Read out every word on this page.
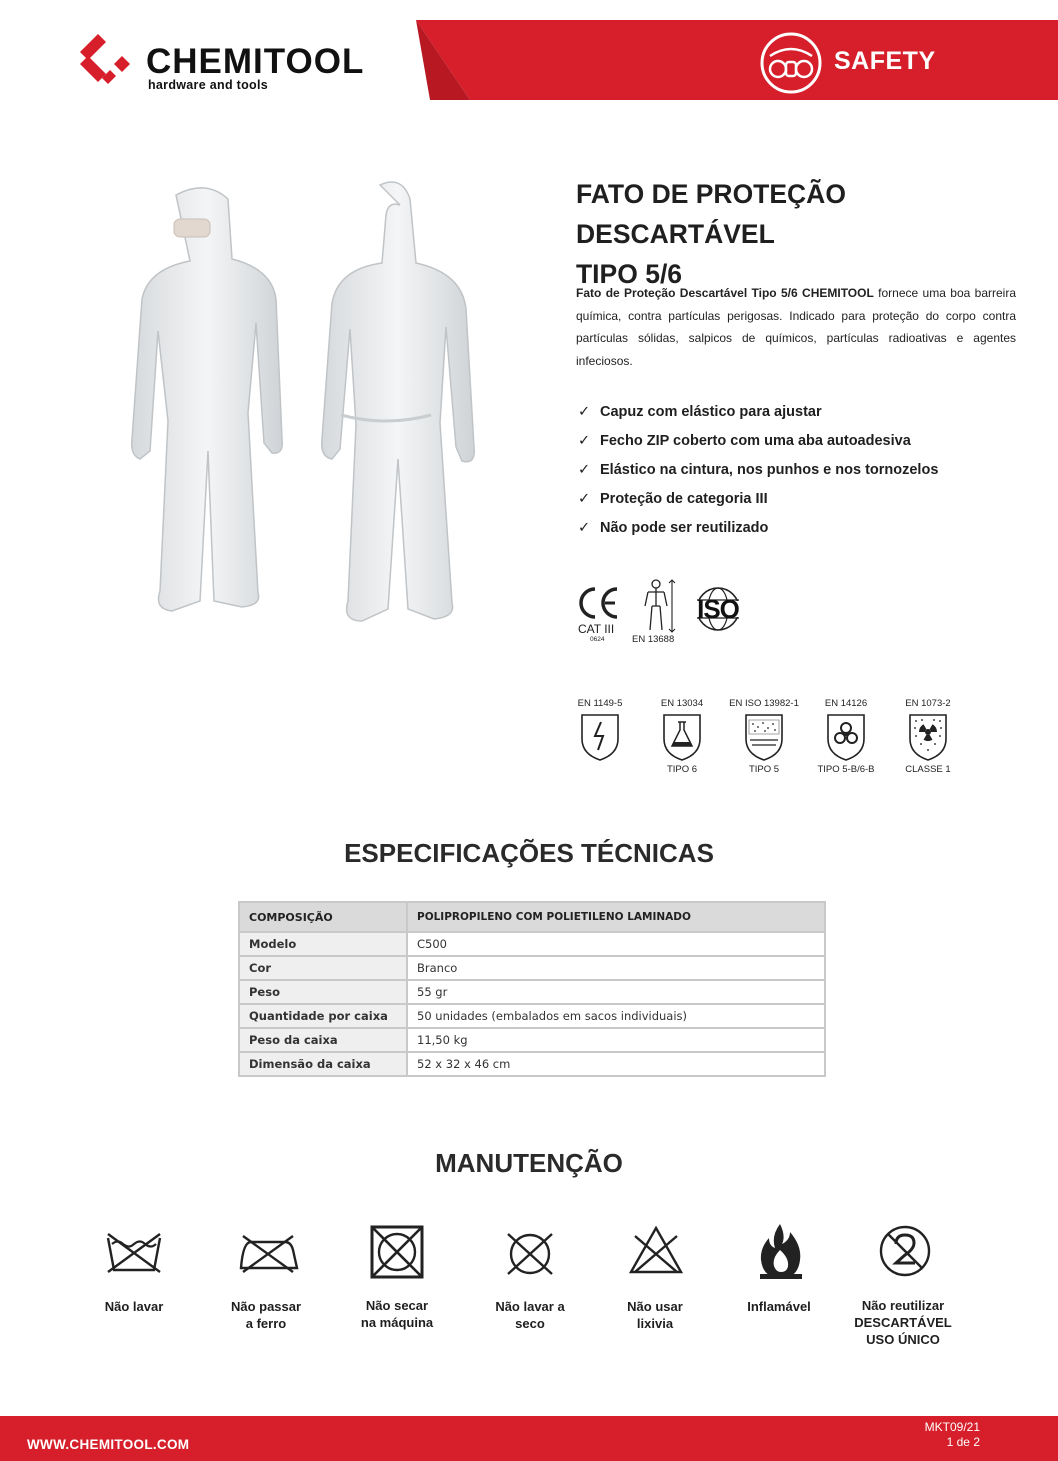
SAFETY
CHEMITOOL
hardware and tools
FATO DE PROTEÇÃO DESCARTÁVEL
TIPO 5/6
Fato de Proteção Descartável Tipo 5/6 CHEMITOOL fornece uma boa barreira química, contra partículas perigosas. Indicado para proteção do corpo contra partículas sólidas, salpicos de químicos, partículas radioativas e agentes infeciosos.
✓ Capuz com elástico para ajustar
✓ Fecho ZIP coberto com uma aba autoadesiva
✓ Elástico na cintura, nos punhos e nos tornozelos
✓ Proteção de categoria III
✓ Não pode ser reutilizado
CAT III
0624	EN 13688
ISO
EN 1149-5	EN 13034
TIPO 6
EN ISO 13982-1
TIPO 5
EN 14126
TIPO 5-B/6-B
EN 1073-2
CLASSE 1
ESPECIFICAÇÕES TÉCNICAS
COMPOSIÇÃO	POLIPROPILENO COM POLIETILENO LAMINADO
Modelo	C500
Cor	Branco
Peso	55 gr
Quantidade por caixa	50 unidades (embalados em sacos individuais)
Peso da caixa	11,50 kg
Dimensão da caixa	52 x 32 x 46 cm
MANUTENÇÃO
Não lavar	Não passar
a ferro
Não secar
na máquina
Não lavar a
seco
Não usar
lixivia
Inflamável	Não reutilizar
DESCARTÁVEL
USO ÚNICO
WWW.CHEMITOOL.COM
MKT09/21
1 de 2
